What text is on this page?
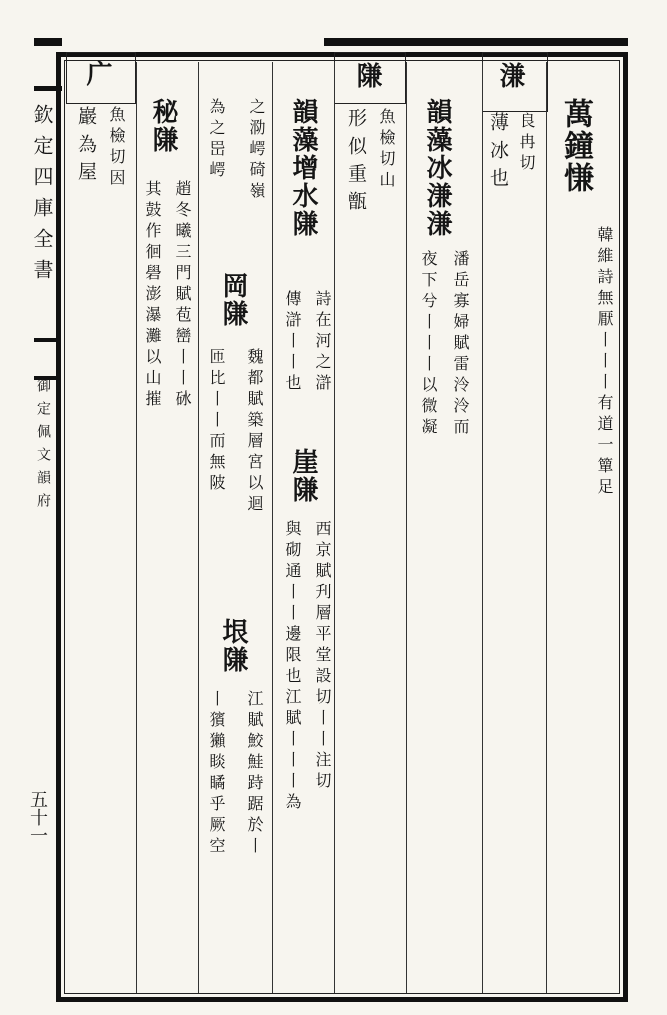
欽定四庫全書
御定佩文韻府
五十一
萬鐘慊
韓維詩無厭丨丨丨有道一簞足
溓
良冉切
薄冰也
韻藻冰溓溓
潘岳寡婦賦雷泠泠而
夜下兮丨丨丨以微凝
隒
魚檢切山
形似重甑
韻藻增水隒
詩在河之滸
傳滸丨丨也
崖隒
西京賦刋層平堂設切丨丨注切
與砌通丨丨邊限也江賦丨丨丨為
之泐崿碕嶺
為之岊崿
岡隒
魏都賦築層宮以迴
匝比丨丨而無陂
垠隒
江賦鮫鮭跱踞於丨
丨獱獺睒瞲乎厥空
秘隒
趙冬曦三門賦苞巒丨丨砅
其鼓作徊礐澎瀑灘以山摧
广
魚檢切因
巖為屋
